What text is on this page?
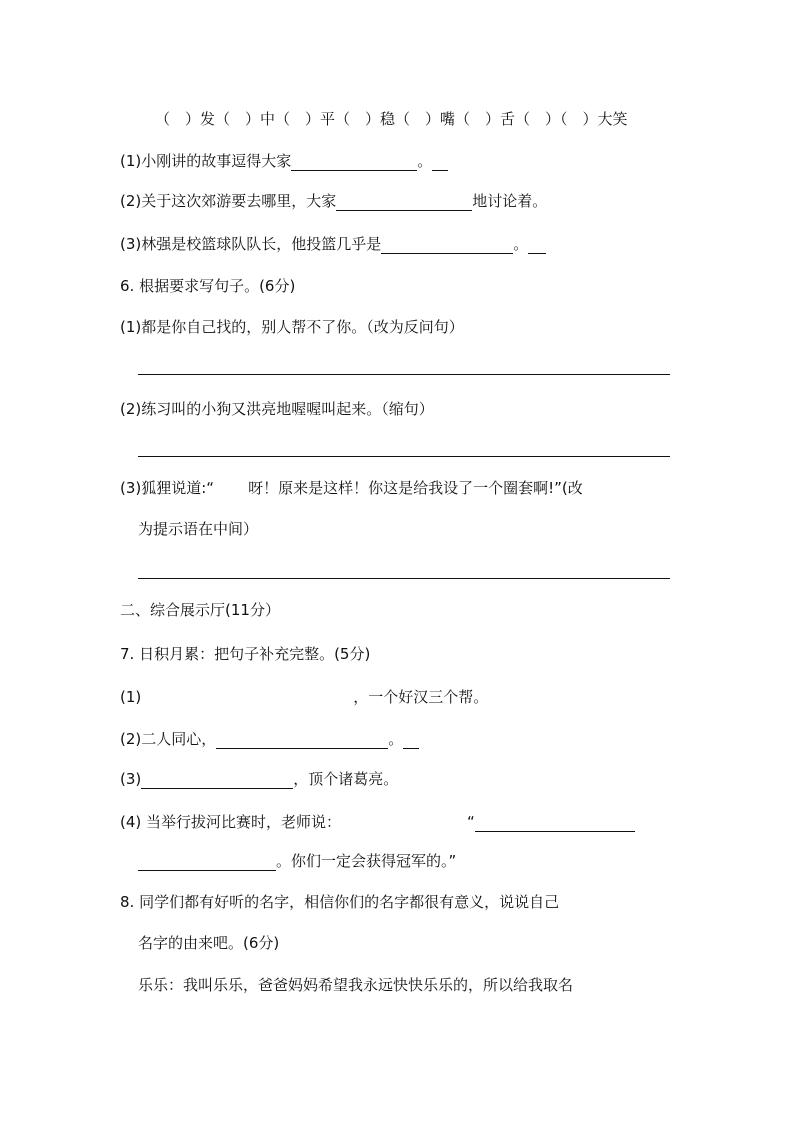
（　）发（　）中（　）平（　）稳（　）嘴（　）舌（　）（　）大笑
(1)小刚讲的故事逗得大家	。
(2)关于这次郊游要去哪里，大家	地讨论着。
(3)林强是校篮球队队长，他投篮几乎是	。
6. 根据要求写句子。(6分)
(1)都是你自己找的，别人帮不了你。（改为反问句）
(2)练习叫的小狗又洪亮地喔喔叫起来。（缩句）
(3)狐狸说道:“ 呀！原来是这样！你这是给我设了一个圈套啊!”(改
为提示语在中间）
二、综合展示厅(11分）
7. 日积月累：把句子补充完整。(5分)
(1)	，一个好汉三个帮。
(2)二人同心，	。
(3)	，顶个诸葛亮。
(4) 当举行拔河比赛时，老师说：	“
。你们一定会获得冠军的。”
8. 同学们都有好听的名字，相信你们的名字都很有意义，说说自己
名字的由来吧。(6分)
乐乐：我叫乐乐，爸爸妈妈希望我永远快快乐乐的，所以给我取名
